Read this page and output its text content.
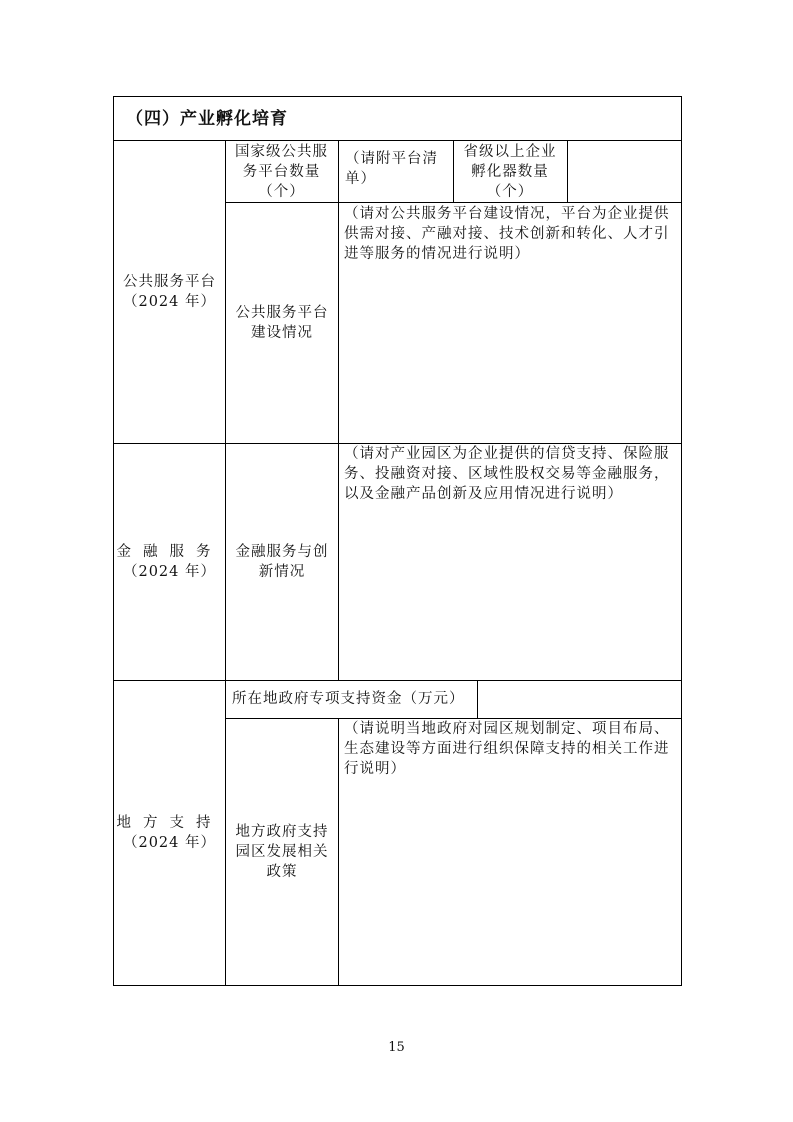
（四）产业孵化培育
公共服务平台
（2024 年）
国家级公共服务平台数量（个）
（请附平台清单）
省级以上企业孵化器数量（个）
公共服务平台建设情况
（请对公共服务平台建设情况，平台为企业提供供需对接、产融对接、技术创新和转化、人才引进等服务的情况进行说明）
金融服务
（2024 年）
金融服务与创新情况
（请对产业园区为企业提供的信贷支持、保险服务、投融资对接、区域性股权交易等金融服务，以及金融产品创新及应用情况进行说明）
地方支持
（2024 年）
所在地政府专项支持资金（万元）
地方政府支持园区发展相关政策
（请说明当地政府对园区规划制定、项目布局、生态建设等方面进行组织保障支持的相关工作进行说明）
15
